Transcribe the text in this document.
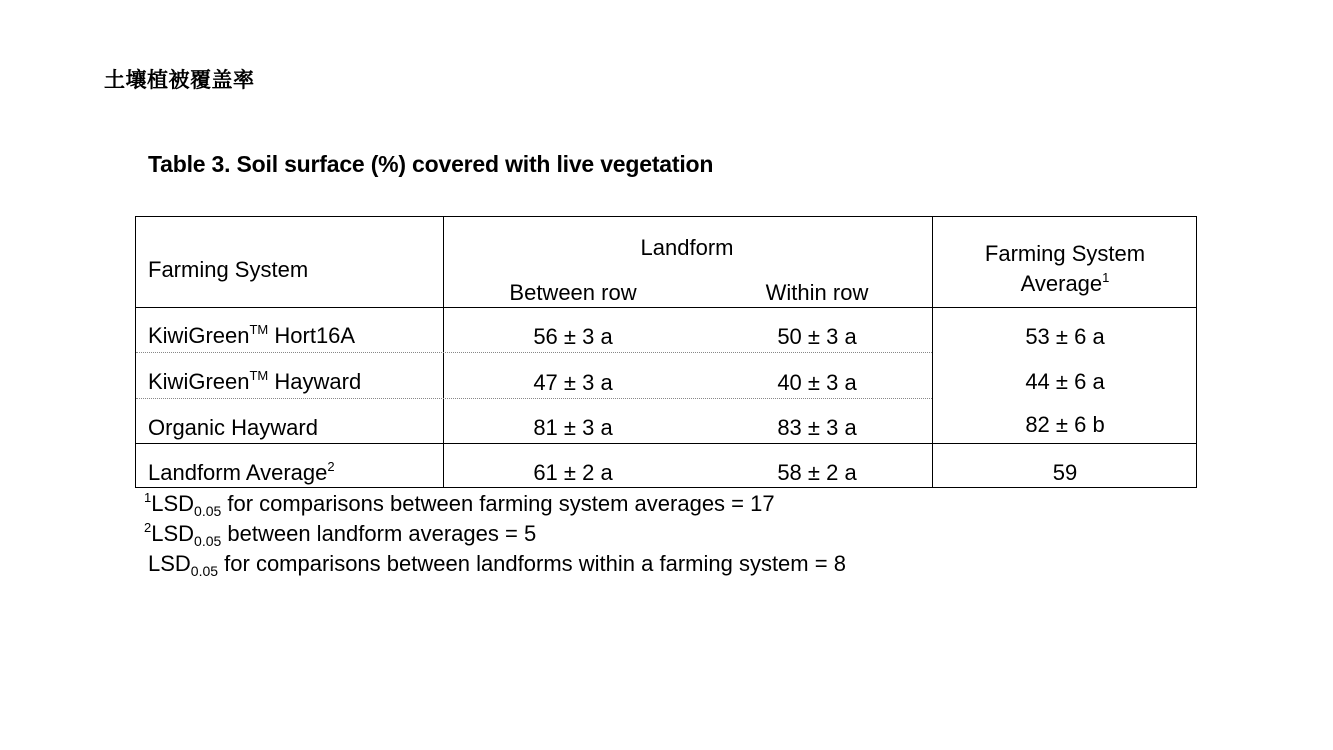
土壤植被覆盖率
Table 3. Soil surface (%) covered with live vegetation
Farming System
Landform
Between row	Within row
Farming System
Average$^1$
KiwiGreen™ Hort16A	56 ± 3 a	50 ± 3 a	53 ± 6 a
KiwiGreen™ Hayward	47 ± 3 a	40 ± 3 a	44 ± 6 a
Organic Hayward	81 ± 3 a	83 ± 3 a	82 ± 6 b
Landform Average$^2$	61 ± 2 a	58 ± 2 a	59
$^1LSD_{0.05}$ for comparisons between farming system averages = 17
$^2LSD_{0.05}$ between landform averages = 5
$LSD_{0.05}$ for comparisons between landforms within a farming system = 8
